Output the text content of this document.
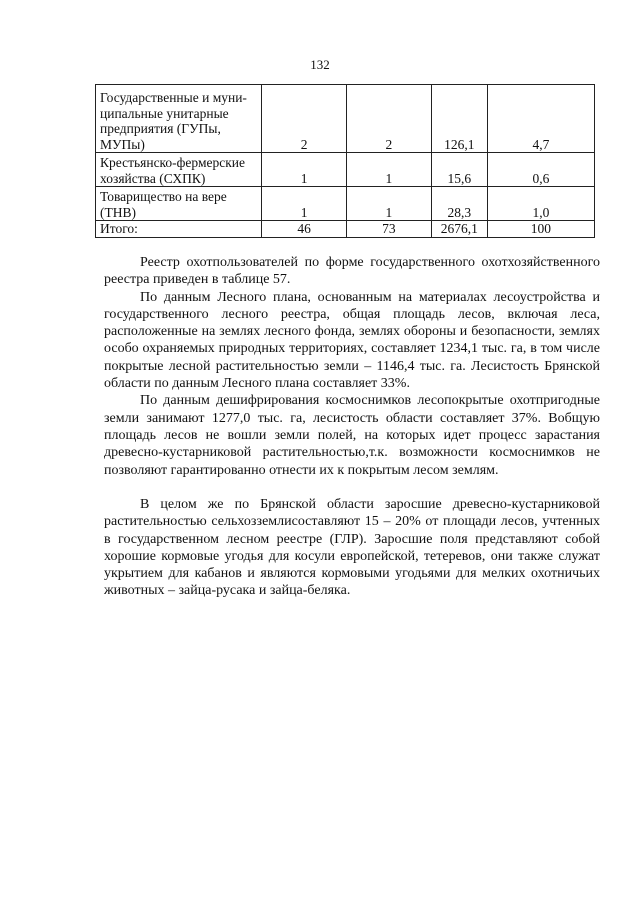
132
Государственные и муни-ципальные унитарные предприятия (ГУПы, МУПы)	2	2	126,1	4,7
Крестьянско-фермерские хозяйства (СХПК)	1	1	15,6	0,6
Товарищество на вере (ТНВ)	1	1	28,3	1,0
Итого:	46	73	2676,1	100

Реестр охотпользователей по форме государственного охотхозяйственного реестра приведен в таблице 57.

По данным Лесного плана, основанным на материалах лесоустройства и государственного лесного реестра, общая площадь лесов, включая леса, расположенные на землях лесного фонда, землях обороны и безопасности, землях особо охраняемых природных территориях, составляет 1234,1 тыс. га, в том числе покрытые лесной растительностью земли – 1146,4 тыс. га. Лесистость Брянской области по данным Лесного плана составляет 33%.

По данным дешифрирования космоснимков лесопокрытые охотпригодные земли занимают 1277,0 тыс. га, лесистость области составляет 37%. Вобщую площадь лесов не вошли земли полей, на которых идет процесс зарастания древесно-кустарниковой растительностью,т.к. возможности космоснимков не позволяют гарантированно отнести их к покрытым лесом землям.

В целом же по Брянской области заросшие древесно-кустарниковой растительностью сельхозземлисоставляют 15 – 20% от площади лесов, учтенных в государственном лесном реестре (ГЛР). Заросшие поля представляют собой хорошие кормовые угодья для косули европейской, тетеревов, они также служат укрытием для кабанов и являются кормовыми угодьями для мелких охотничьих животных – зайца-русака и зайца-беляка.
